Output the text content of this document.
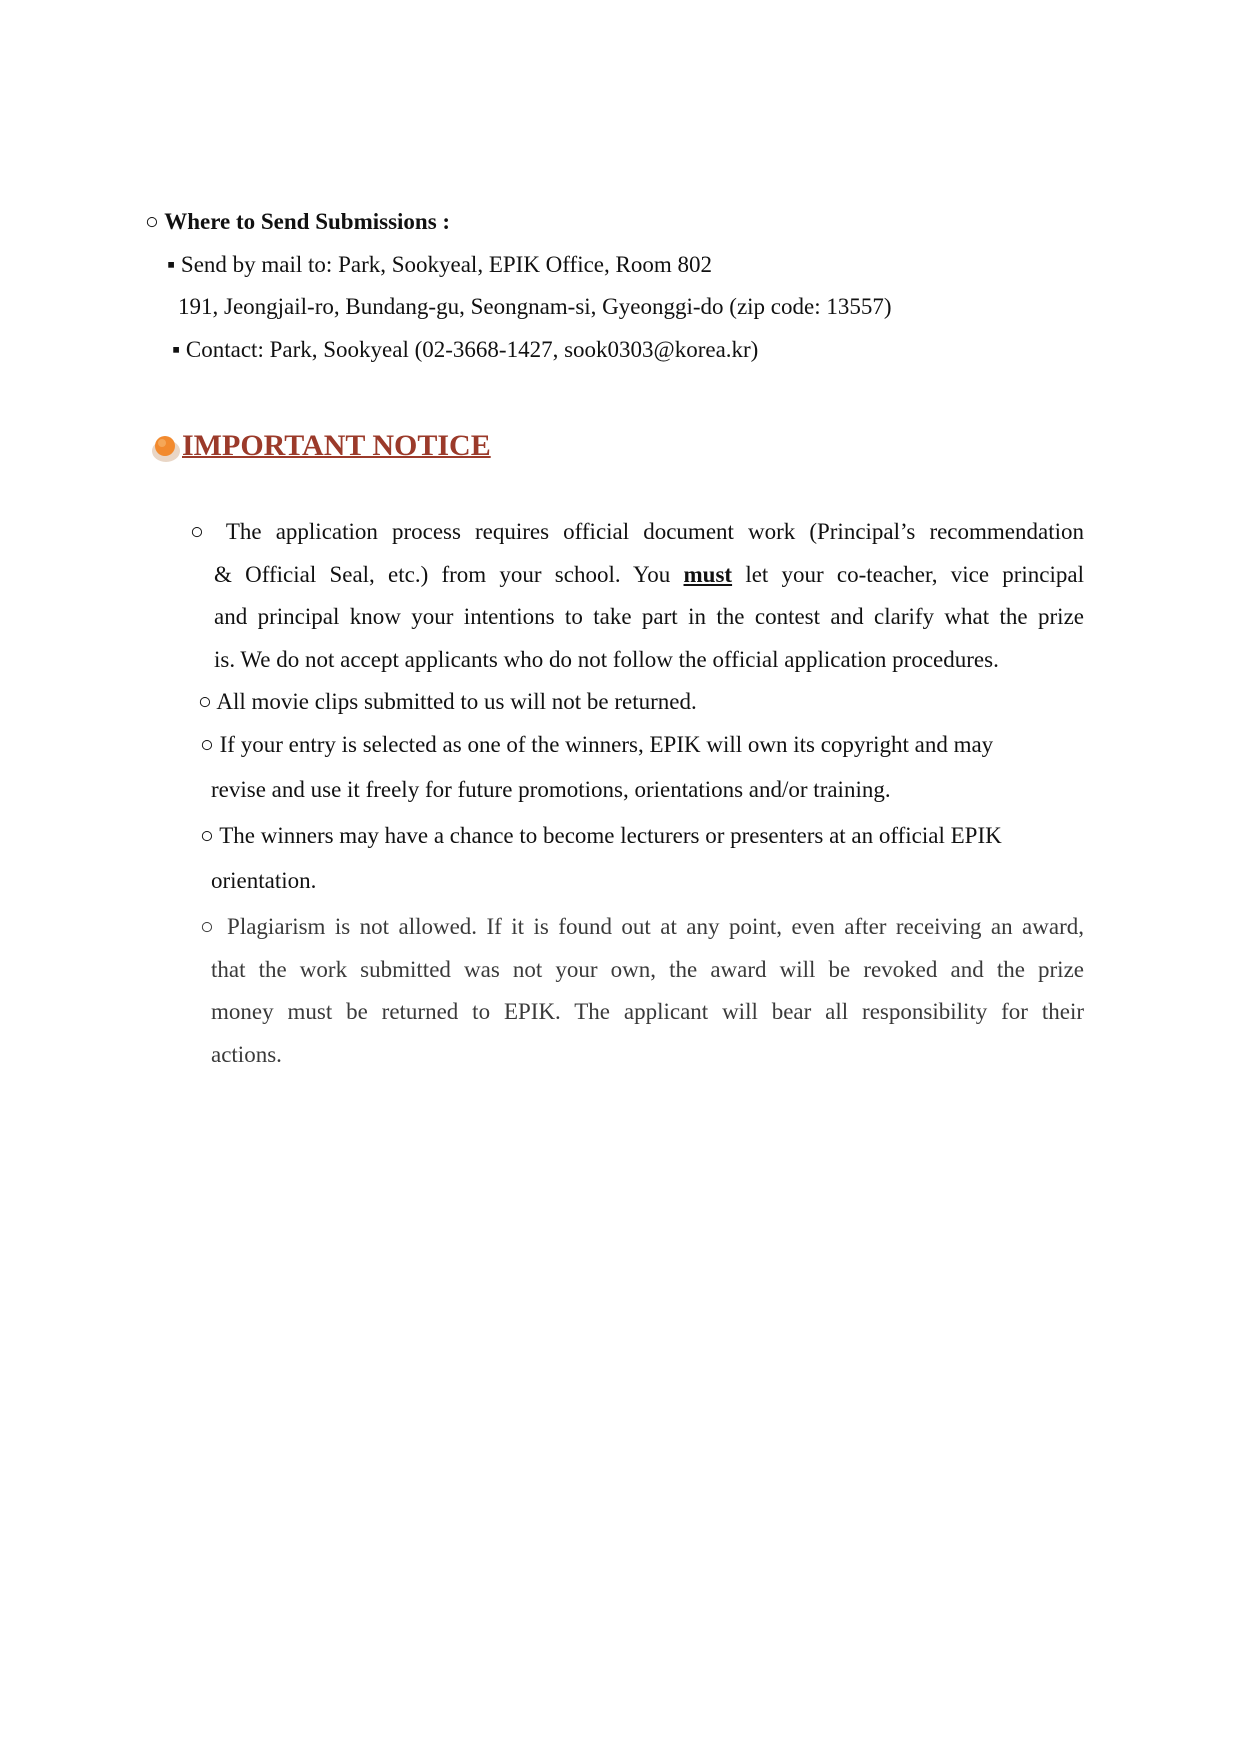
○ Where to Send Submissions :
▪ Send by mail to: Park, Sookyeal, EPIK Office, Room 802
191, Jeongjail-ro, Bundang-gu, Seongnam-si, Gyeonggi-do (zip code: 13557)
▪ Contact: Park, Sookyeal (02-3668-1427, sook0303@korea.kr)
IMPORTANT NOTICE
○ The application process requires official document work (Principal’s recommendation
& Official Seal, etc.) from your school. You must let your co-teacher, vice principal
and principal know your intentions to take part in the contest and clarify what the prize
is. We do not accept applicants who do not follow the official application procedures.
○ All movie clips submitted to us will not be returned.
○ If your entry is selected as one of the winners, EPIK will own its copyright and may
revise and use it freely for future promotions, orientations and/or training.
○ The winners may have a chance to become lecturers or presenters at an official EPIK
orientation.
○ Plagiarism is not allowed. If it is found out at any point, even after receiving an award,
that the work submitted was not your own, the award will be revoked and the prize
money must be returned to EPIK. The applicant will bear all responsibility for their
actions.
